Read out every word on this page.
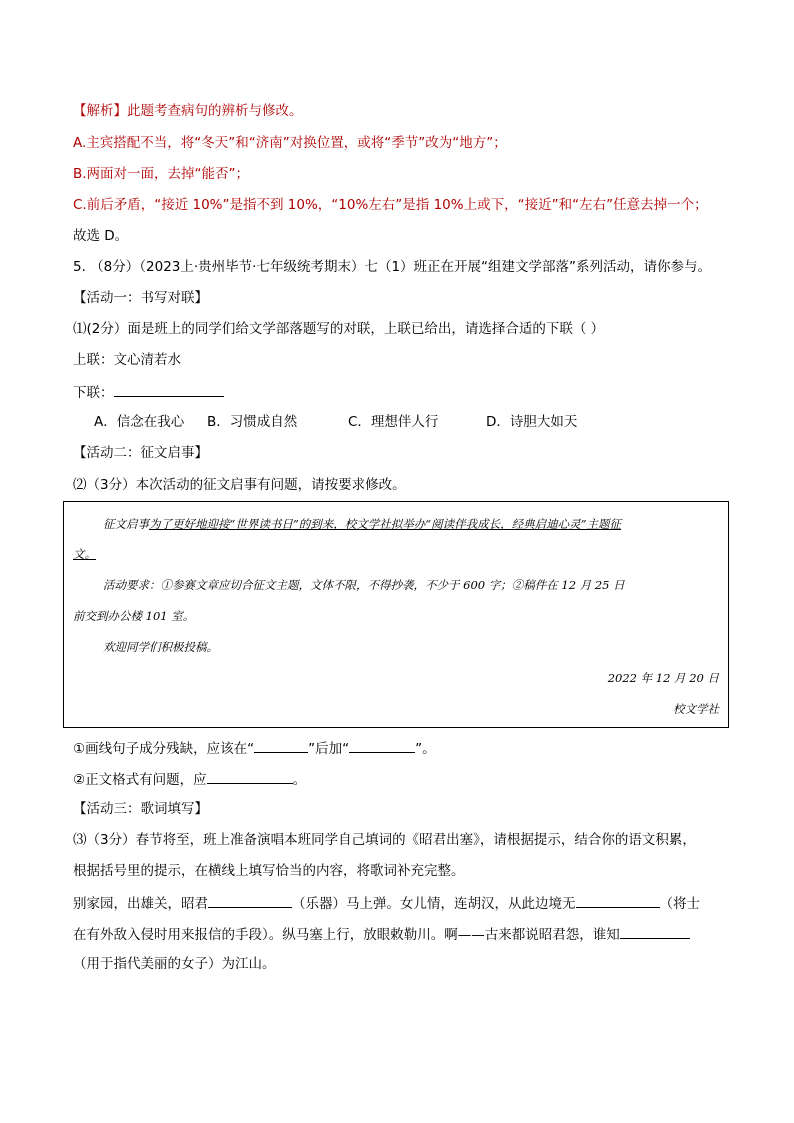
【解析】此题考查病句的辨析与修改。
A.主宾搭配不当，将“冬天”和“济南”对换位置，或将“季节”改为“地方”；
B.两面对一面，去掉“能否”；
C.前后矛盾，“接近 10%”是指不到 10%，“10%左右”是指 10%上或下，“接近”和“左右”任意去掉一个；
故选 D。
5. （8分）（2023上·贵州毕节·七年级统考期末）七（1）班正在开展“组建文学部落”系列活动，请你参与。
【活动一：书写对联】
⑴(2分）面是班上的同学们给文学部落题写的对联，上联已给出，请选择合适的下联（ ）
上联：文心清若水
下联：
A．信念在我心 B．习惯成自然	C．理想伴人行	D．诗胆大如天
【活动二：征文启事】
⑵（3分）本次活动的征文启事有问题，请按要求修改。
征文启事为了更好地迎接“世界读书日”的到来，校文学社拟举办“阅读伴我成长，经典启迪心灵”主题征
文。
活动要求：①参赛文章应切合征文主题，文体不限，不得抄袭，不少于 600 字；②稿件在 12 月 25 日
前交到办公楼 101 室。
欢迎同学们积极投稿。
2022 年 12 月 20 日
校文学社
①画线句子成分残缺，应该在“	”后加“	”。
②正文格式有问题，应	。
【活动三：歌词填写】
⑶（3分）春节将至，班上准备演唱本班同学自己填词的《昭君出塞》，请根据提示，结合你的语文积累，
根据括号里的提示，在横线上填写恰当的内容，将歌词补充完整。
别家园，出雄关，昭君	（乐器）马上弹。女儿情，连胡汉，从此边境无	（将士
在有外敌入侵时用来报信的手段）。纵马塞上行，放眼敕勒川。啊——古来都说昭君怨，谁知
（用于指代美丽的女子）为江山。
